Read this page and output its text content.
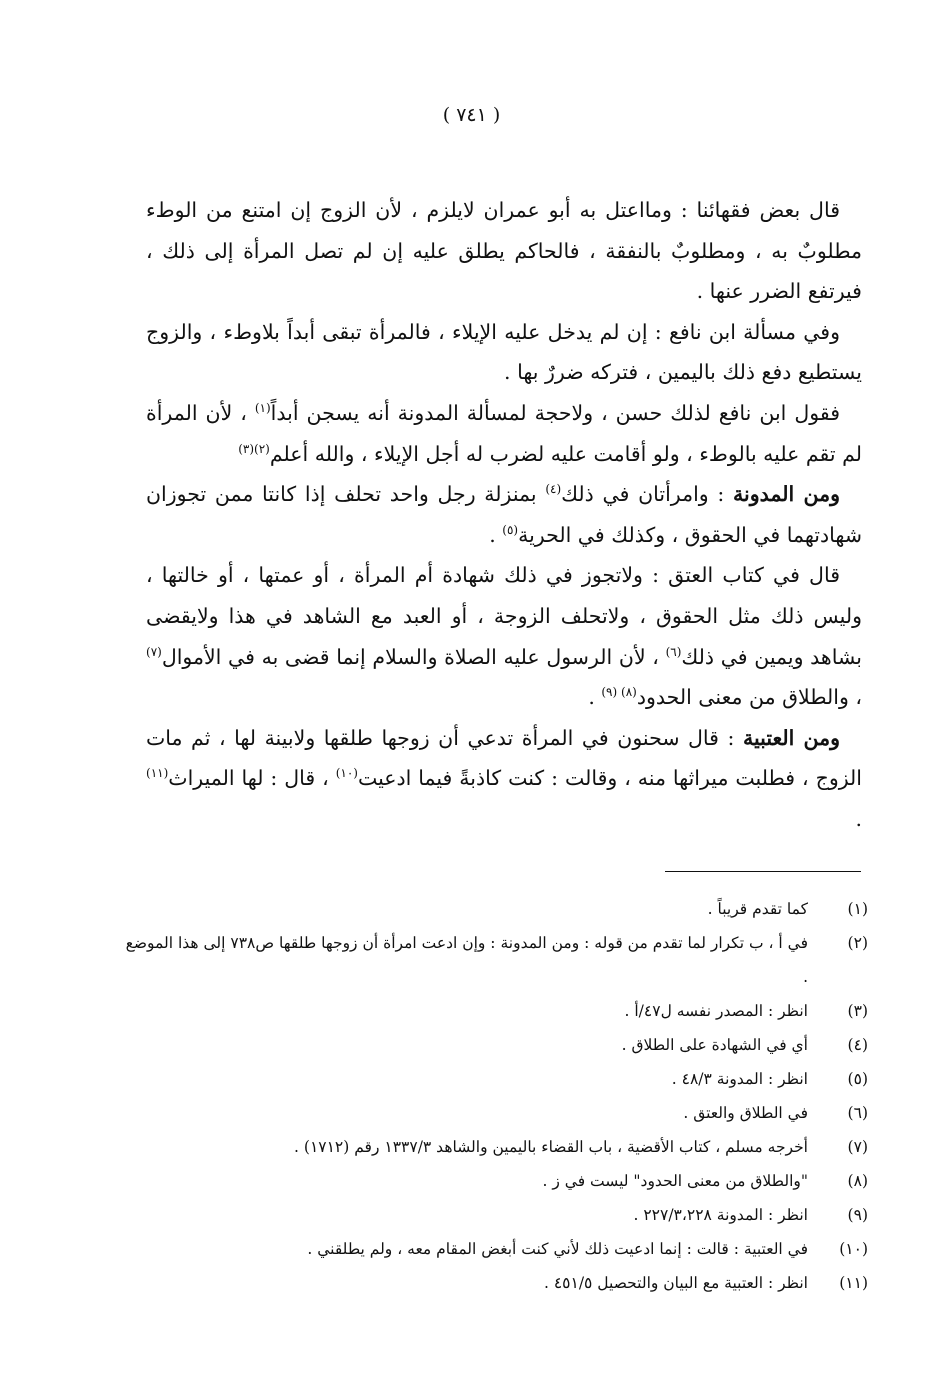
( ٧٤١ )

قال بعض فقهائنا : ومااعتل به أبو عمران لايلزم ، لأن الزوج إن امتنع من الوطء مطلوبٌ به ، ومطلوبٌ بالنفقة ، فالحاكم يطلق عليه إن لم تصل المرأة إلى ذلك ، فيرتفع الضرر عنها .

وفي مسألة ابن نافع : إن لم يدخل عليه الإيلاء ، فالمرأة تبقى أبداً بلاوطء ، والزوج يستطيع دفع ذلك باليمين ، فتركه ضررٌ بها .

فقول ابن نافع لذلك حسن ، ولاحجة لمسألة المدونة أنه يسجن أبداً$^{(١)}$ ، لأن المرأة لم تقم عليه بالوطء ، ولو أقامت عليه لضرب له أجل الإيلاء ، والله أعلم$^{(٢)(٣)}$

ومن المدونة : وامرأتان في ذلك$^{(٤)}$ بمنزلة رجل واحد تحلف إذا كانتا ممن تجوزان شهادتهما في الحقوق ، وكذلك في الحرية$^{(٥)}$ .

قال في كتاب العتق : ولاتجوز في ذلك شهادة أم المرأة ، أو عمتها ، أو خالتها ، وليس ذلك مثل الحقوق ، ولاتحلف الزوجة ، أو العبد مع الشاهد في هذا ولايقضى بشاهد ويمين في ذلك$^{(٦)}$ ، لأن الرسول عليه الصلاة والسلام إنما قضى به في الأموال$^{(٧)}$ ، والطلاق من معنى الحدود$^{(٨) (٩)}$ .

ومن العتبية : قال سحنون في المرأة تدعي أن زوجها طلقها ولابينة لها ، ثم مات الزوج ، فطلبت ميراثها منه ، وقالت : كنت كاذبةً فيما ادعيت$^{(١٠)}$ ، قال : لها الميراث$^{(١١)}$ .

(١)
كما تقدم قريباً .
(٢)
في أ ، ب تكرار لما تقدم من قوله : ومن المدونة : وإن ادعت امرأة أن زوجها طلقها ص٧٣٨ إلى هذا الموضع .
(٣)
انظر : المصدر نفسه ل٤٧/أ .
(٤)
أي في الشهادة على الطلاق .
(٥)
انظر : المدونة ٤٨/٣ .
(٦)
في الطلاق والعتق .
(٧)
أخرجه مسلم ، كتاب الأقضية ، باب القضاء باليمين والشاهد ١٣٣٧/٣ رقم (١٧١٢) .
(٨)
"والطلاق من معنى الحدود" ليست في ز .
(٩)
انظر : المدونة ٢٢٧/٣،٢٢٨ .
(١٠)
في العتبية : قالت : إنما ادعيت ذلك لأني كنت أبغض المقام معه ، ولم يطلقني .
(١١)
انظر : العتبية مع البيان والتحصيل ٤٥١/٥ .
